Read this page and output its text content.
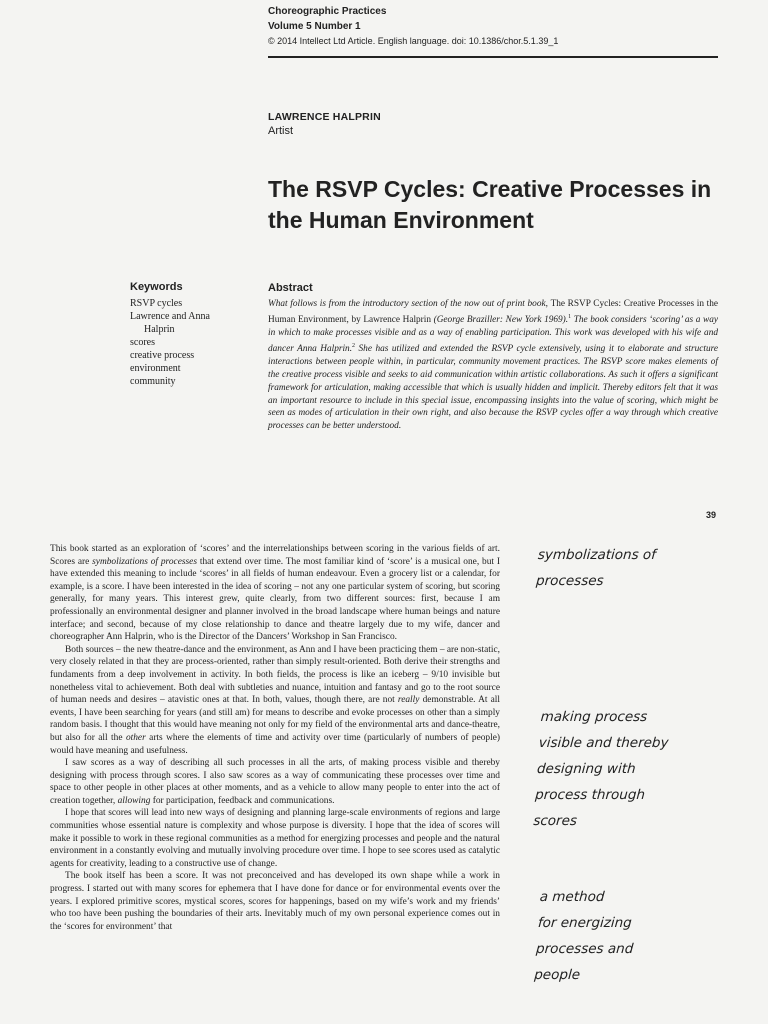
Choreographic Practices
Volume 5 Number 1
© 2014 Intellect Ltd Article. English language. doi: 10.1386/chor.5.1.39_1
LAWRENCE HALPRIN
Artist
The RSVP Cycles: Creative Processes in the Human Environment
Keywords
RSVP cycles
Lawrence and Anna
Halprin
scores
creative process
environment
community
Abstract

What follows is from the introductory section of the now out of print book, The RSVP Cycles: Creative Processes in the Human Environment, by Lawrence Halprin (George Braziller: New York 1969).$^1$ The book considers ‘scoring’ as a way in which to make processes visible and as a way of enabling participation. This work was developed with his wife and dancer Anna Halprin.$^2$ She has utilized and extended the RSVP cycle extensively, using it to elaborate and structure interactions between people within, in particular, community movement practices. The RSVP score makes elements of the creative process visible and seeks to aid communication within artistic collaborations. As such it offers a significant framework for articulation, making accessible that which is usually hidden and implicit. Thereby editors felt that it was an important resource to include in this special issue, encompassing insights into the value of scoring, which might be seen as modes of articulation in their own right, and also because the RSVP cycles offer a way through which creative processes can be better understood.

39

This book started as an exploration of ‘scores’ and the interrelationships between scoring in the various fields of art. Scores are symbolizations of processes that extend over time. The most familiar kind of ‘score’ is a musical one, but I have extended this meaning to include ‘scores’ in all fields of human endeavour. Even a grocery list or a calendar, for example, is a score. I have been interested in the idea of scoring – not any one particular system of scoring, but scoring generally, for many years. This interest grew, quite clearly, from two different sources: first, because I am professionally an environmental designer and planner involved in the broad landscape where human beings and nature interface; and second, because of my close relationship to dance and theatre largely due to my wife, dancer and choreographer Ann Halprin, who is the Director of the Dancers’ Workshop in San Francisco.

Both sources – the new theatre-dance and the environment, as Ann and I have been practicing them – are non-static, very closely related in that they are process-oriented, rather than simply result-oriented. Both derive their strengths and fundaments from a deep involvement in activity. In both fields, the process is like an iceberg – 9/10 invisible but nonetheless vital to achievement. Both deal with subtleties and nuance, intuition and fantasy and go to the root source of human needs and desires – atavistic ones at that. In both, values, though there, are not really demonstrable. At all events, I have been searching for years (and still am) for means to describe and evoke processes on other than a simply random basis. I thought that this would have meaning not only for my field of the environmental arts and dance-theatre, but also for all the other arts where the elements of time and activity over time (particularly of numbers of people) would have meaning and usefulness.

I saw scores as a way of describing all such processes in all the arts, of making process visible and thereby designing with process through scores. I also saw scores as a way of communicating these processes over time and space to other people in other places at other moments, and as a vehicle to allow many people to enter into the act of creation together, allowing for participation, feedback and communications.

I hope that scores will lead into new ways of designing and planning large-scale environments of regions and large communities whose essential nature is complexity and whose purpose is diversity. I hope that the idea of scores will make it possible to work in these regional communities as a method for energizing processes and people and the natural environment in a constantly evolving and mutually involving procedure over time. I hope to see scores used as catalytic agents for creativity, leading to a constructive use of change.

The book itself has been a score. It was not preconceived and has developed its own shape while a work in progress. I started out with many scores for ephemera that I have done for dance or for environmental events over the years. I explored primitive scores, mystical scores, scores for happenings, based on my wife’s work and my friends’ who too have been pushing the boundaries of their arts. Inevitably much of my own personal experience comes out in the ‘scores for environment’ that

symbolizations of
processes
making process
visible and thereby
designing with
process through
scores
a method
for energizing
processes and
people
